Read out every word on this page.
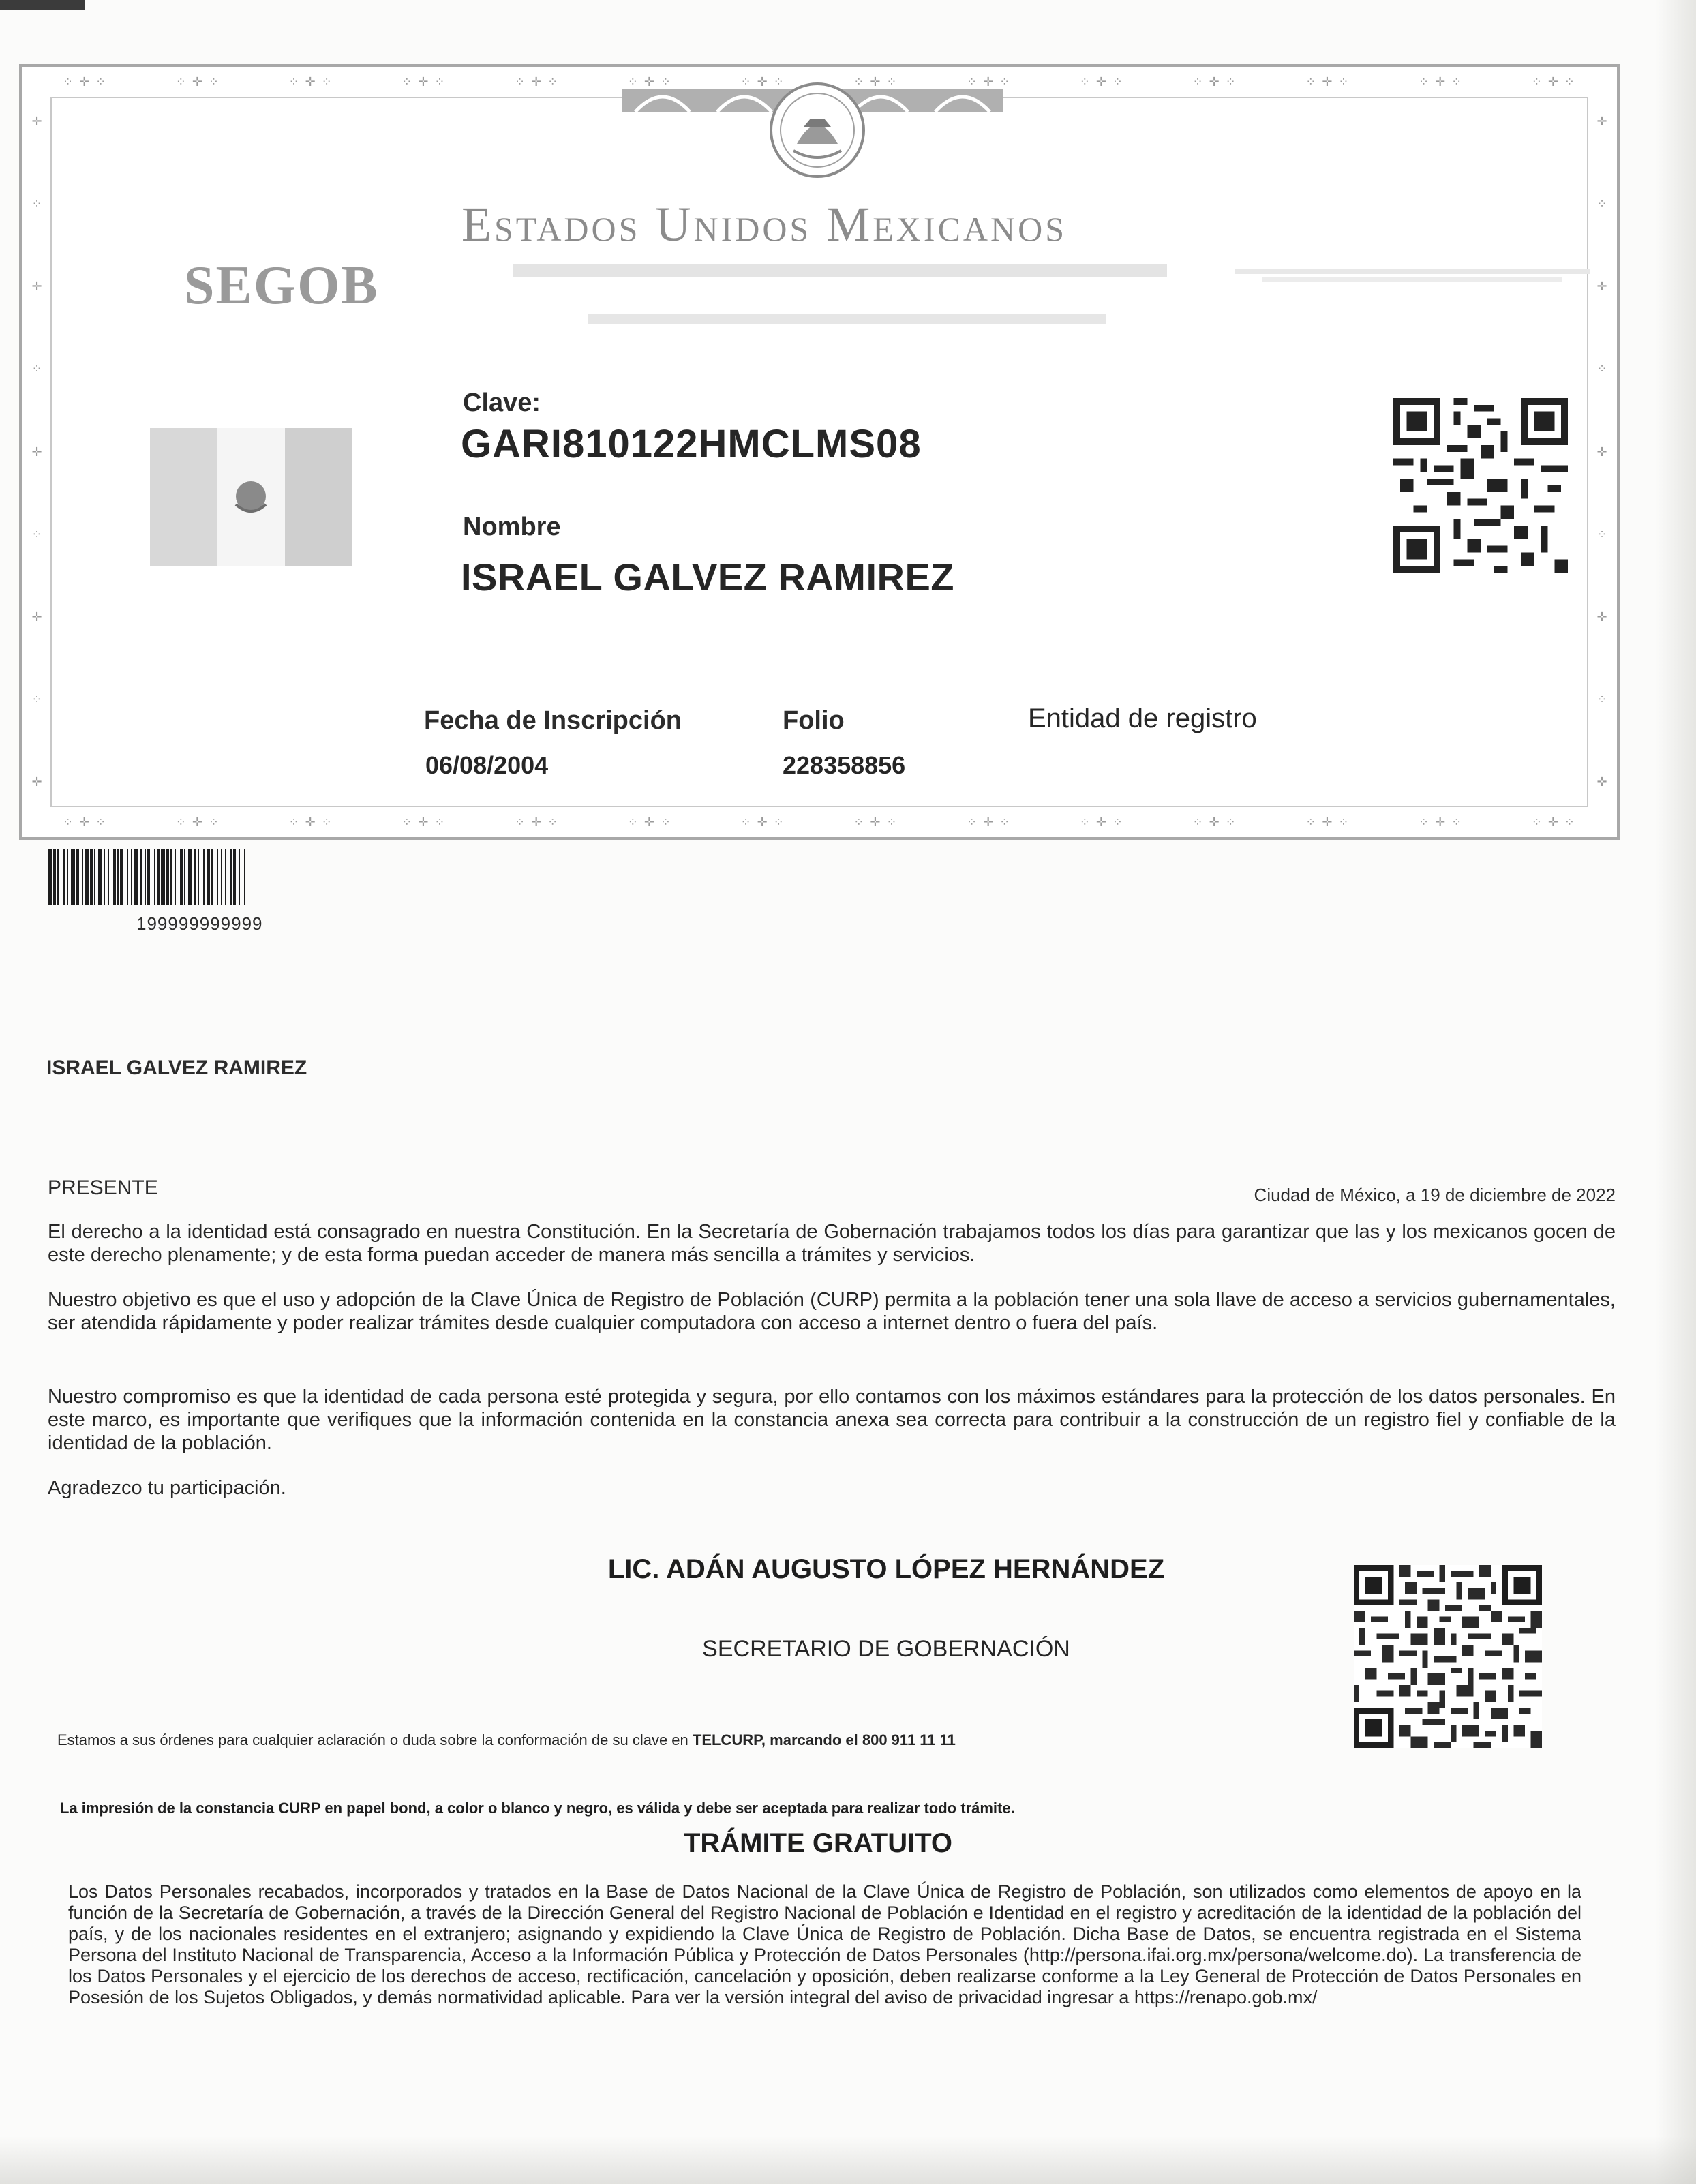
⁘ ✛ ⁘	⁘ ✛ ⁘	⁘ ✛ ⁘	⁘ ✛ ⁘	⁘ ✛ ⁘	⁘ ✛ ⁘	⁘ ✛ ⁘	⁘ ✛ ⁘	⁘ ✛ ⁘	⁘ ✛ ⁘	⁘ ✛ ⁘	⁘ ✛ ⁘	⁘ ✛ ⁘	⁘ ✛ ⁘
⁘ ✛ ⁘	⁘ ✛ ⁘	⁘ ✛ ⁘	⁘ ✛ ⁘	⁘ ✛ ⁘	⁘ ✛ ⁘	⁘ ✛ ⁘	⁘ ✛ ⁘	⁘ ✛ ⁘	⁘ ✛ ⁘	⁘ ✛ ⁘	⁘ ✛ ⁘	⁘ ✛ ⁘	⁘ ✛ ⁘
✛
⁘
✛
⁘
✛
⁘
✛
⁘
✛
✛
⁘
✛
⁘
✛
⁘
✛
⁘
✛
SEGOB
Estados Unidos Mexicanos
Clave:
GARI810122HMCLMS08
Nombre
ISRAEL GALVEZ RAMIREZ
Fecha de Inscripción
06/08/2004
Folio
228358856
Entidad de registro
199999999999
ISRAEL GALVEZ RAMIREZ
PRESENTE	Ciudad de México, a 19 de diciembre de 2022

El derecho a la identidad está consagrado en nuestra Constitución. En la Secretaría de Gobernación trabajamos todos los días para garantizar que las y los mexicanos gocen de este derecho plenamente; y de esta forma puedan acceder de manera más sencilla a trámites y servicios.

Nuestro objetivo es que el uso y adopción de la Clave Única de Registro de Población (CURP) permita a la población tener una sola llave de acceso a servicios gubernamentales, ser atendida rápidamente y poder realizar trámites desde cualquier computadora con acceso a internet dentro o fuera del país.

Nuestro compromiso es que la identidad de cada persona esté protegida y segura, por ello contamos con los máximos estándares para la protección de los datos personales. En este marco, es importante que verifiques que la información contenida en la constancia anexa sea correcta para contribuir a la construcción de un registro fiel y confiable de la identidad de la población.

Agradezco tu participación.

LIC. ADÁN AUGUSTO LÓPEZ HERNÁNDEZ
SECRETARIO DE GOBERNACIÓN
Estamos a sus órdenes para cualquier aclaración o duda sobre la conformación de su clave en TELCURP, marcando el 800 911 11 11
La impresión de la constancia CURP en papel bond, a color o blanco y negro, es válida y debe ser aceptada para realizar todo trámite.
TRÁMITE GRATUITO

Los Datos Personales recabados, incorporados y tratados en la Base de Datos Nacional de la Clave Única de Registro de Población, son utilizados como elementos de apoyo en la función de la Secretaría de Gobernación, a través de la Dirección General del Registro Nacional de Población e Identidad en el registro y acreditación de la identidad de la población del país, y de los nacionales residentes en el extranjero; asignando y expidiendo la Clave Única de Registro de Población. Dicha Base de Datos, se encuentra registrada en el Sistema Persona del Instituto Nacional de Transparencia, Acceso a la Información Pública y Protección de Datos Personales (http://persona.ifai.org.mx/persona/welcome.do). La transferencia de los Datos Personales y el ejercicio de los derechos de acceso, rectificación, cancelación y oposición, deben realizarse conforme a la Ley General de Protección de Datos Personales en Posesión de los Sujetos Obligados, y demás normatividad aplicable. Para ver la versión integral del aviso de privacidad ingresar a https://renapo.gob.mx/
